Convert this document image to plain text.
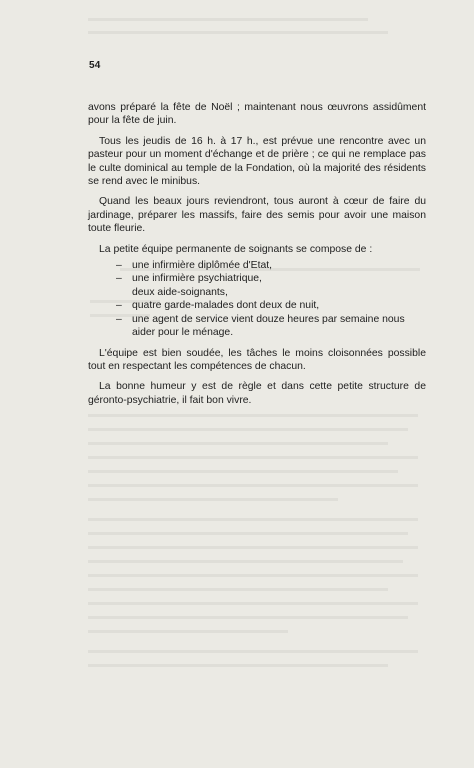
54

avons préparé la fête de Noël ; maintenant nous œuvrons assidûment pour la fête de juin.

Tous les jeudis de 16 h. à 17 h., est prévue une rencontre avec un pasteur pour un moment d'échange et de prière ; ce qui ne remplace pas le culte dominical au temple de la Fondation, où la majorité des résidents se rend avec le minibus.

Quand les beaux jours reviendront, tous auront à cœur de faire du jardinage, préparer les massifs, faire des semis pour avoir une maison toute fleurie.

La petite équipe permanente de soignants se compose de :

– une infirmière diplômée d'Etat,
– une infirmière psychiatrique,
deux aide-soignants,
– quatre garde-malades dont deux de nuit,
– une agent de service vient douze heures par semaine nous aider pour le ménage.

L'équipe est bien soudée, les tâches le moins cloisonnées possible tout en respectant les compétences de chacun.

La bonne humeur y est de règle et dans cette petite structure de géronto-psychiatrie, il fait bon vivre.
